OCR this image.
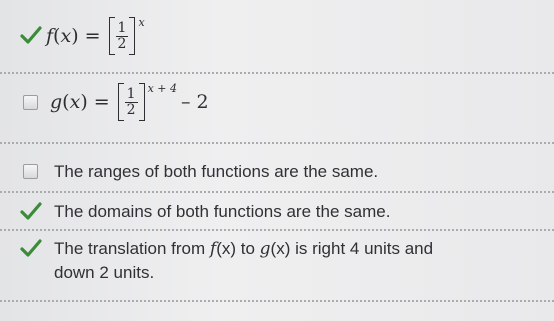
f ( x ) = $\frac{1}{2}$ x
g ( x ) = $\frac{1}{2}$ x + 4
– 2
The ranges of both functions are the same.
The domains of both functions are the same.
The translation from f(x) to g(x) is right 4 units and
down 2 units.
